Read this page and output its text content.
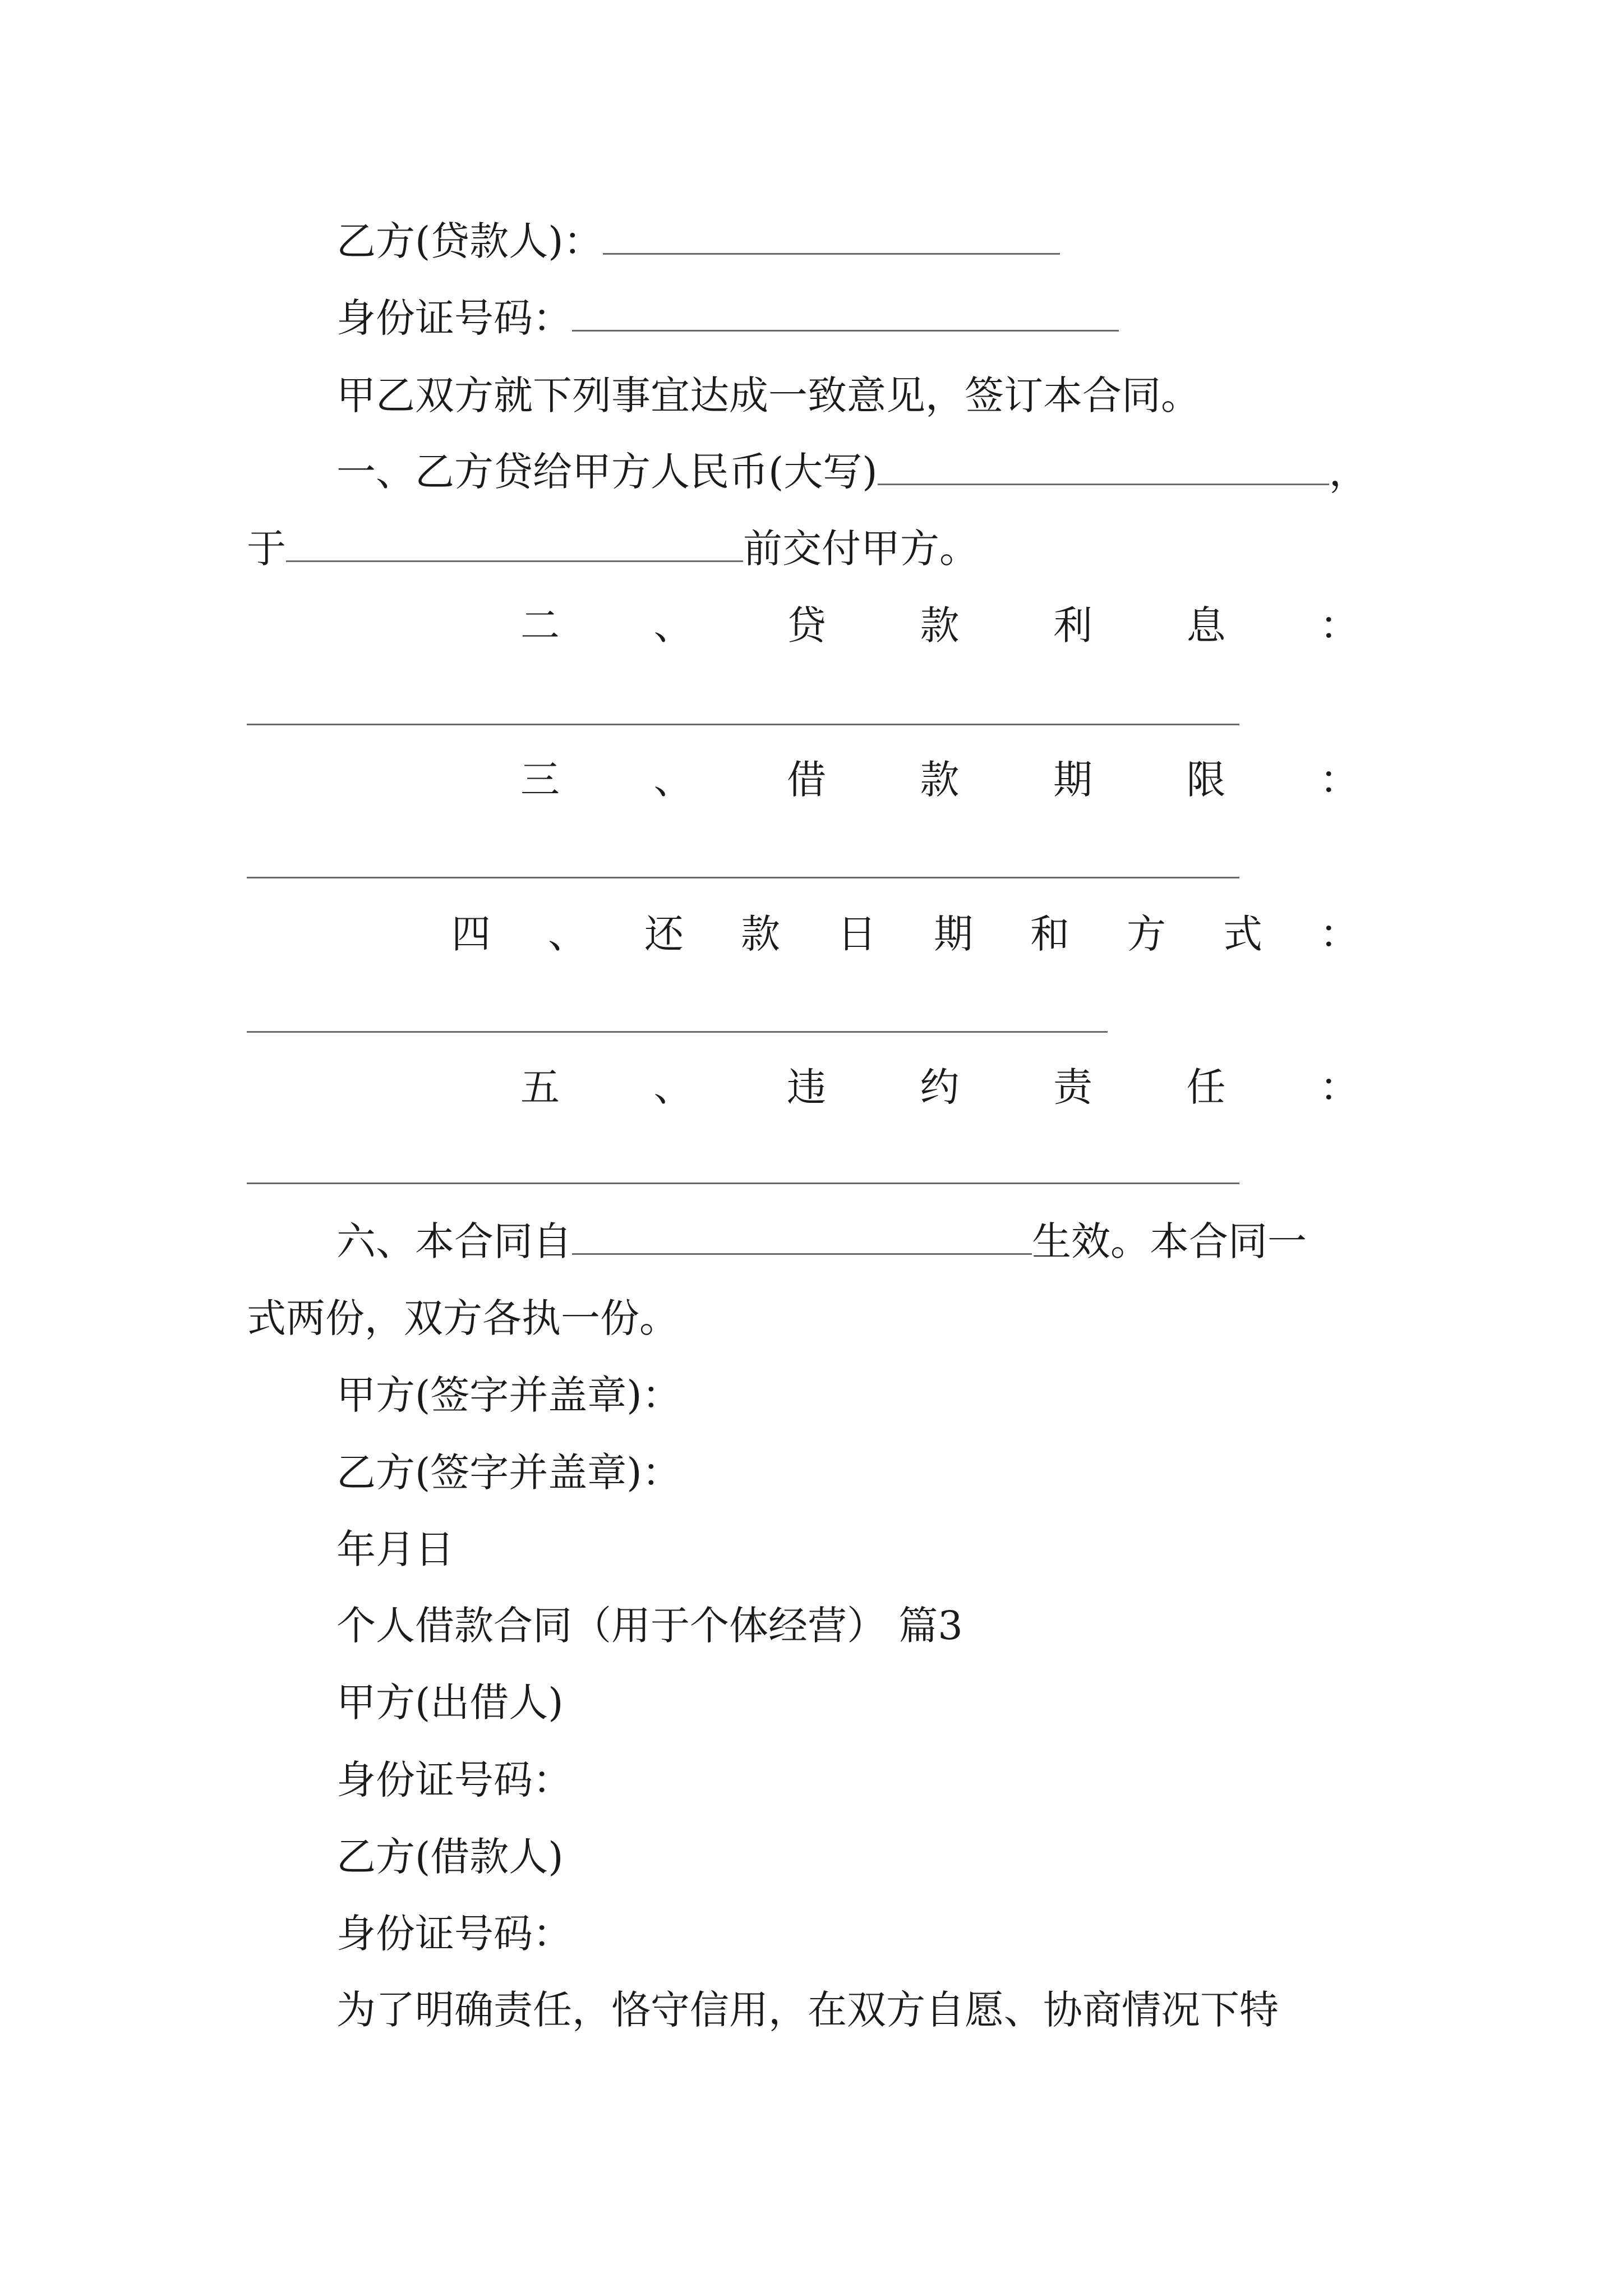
乙方(贷款人)：
身份证号码：
甲乙双方就下列事宜达成一致意见，签订本合同。
一、乙方贷给甲方人民币(大写)	，
于	前交付甲方。
二 、 贷 款 利 息 ：
三 、 借 款 期 限 ：
四 、 还 款 日 期 和 方 式 ：
五 、 违 约 责 任 ：
六、本合同自	生效。本合同一
式两份，双方各执一份。
甲方(签字并盖章)：
乙方(签字并盖章)：
年月日
个人借款合同（用于个体经营） 篇3
甲方(出借人)
身份证号码：
乙方(借款人)
身份证号码：
为了明确责任，恪守信用，在双方自愿、协商情况下特
